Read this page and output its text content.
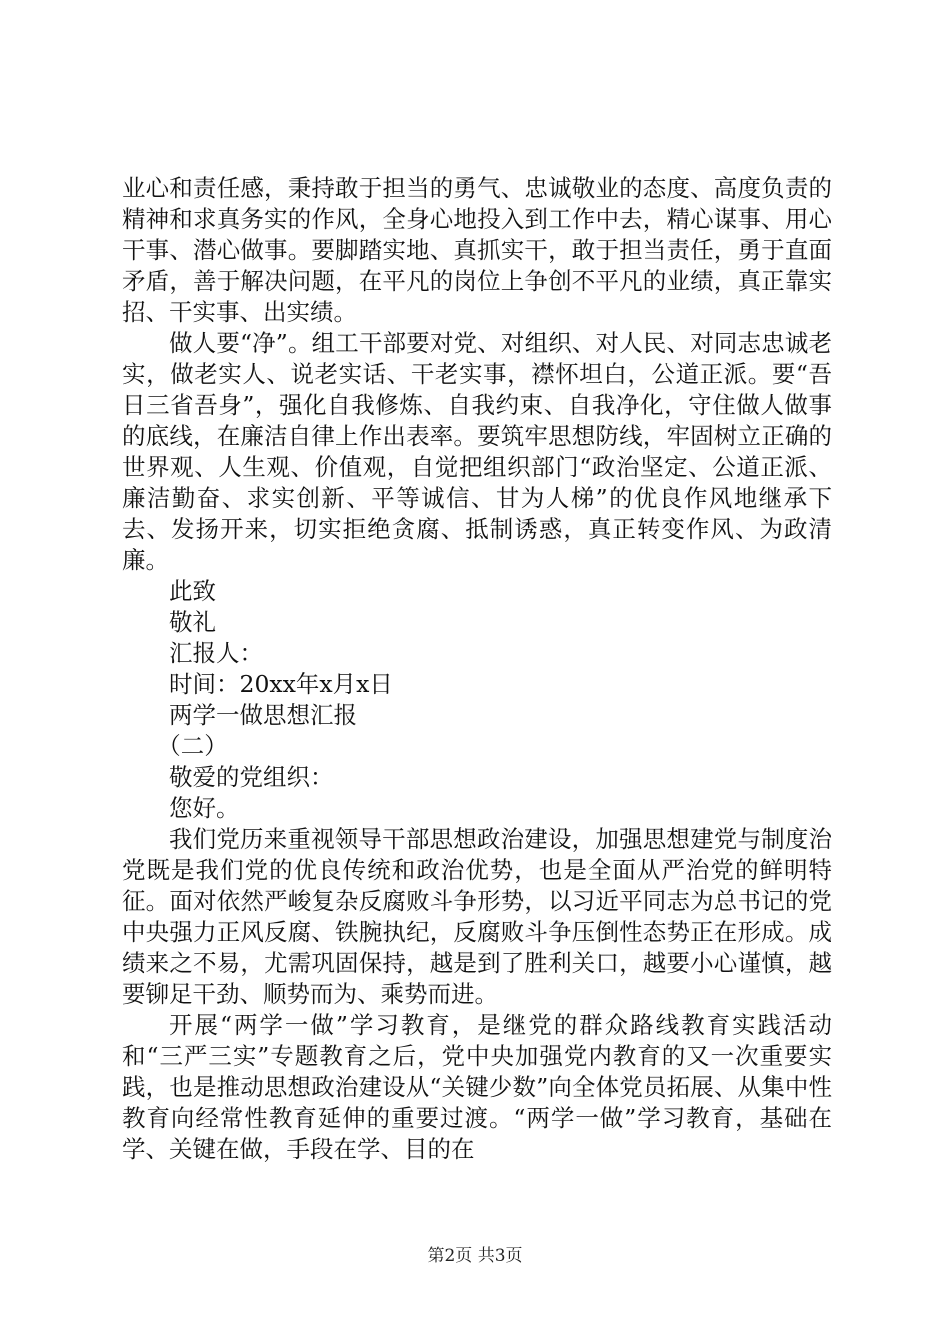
业心和责任感，秉持敢于担当的勇气、忠诚敬业的态度、高度负责的精神和求真务实的作风，全身心地投入到工作中去，精心谋事、用心干事、潜心做事。要脚踏实地、真抓实干，敢于担当责任，勇于直面矛盾，善于解决问题，在平凡的岗位上争创不平凡的业绩，真正靠实招、干实事、出实绩。

做人要“净”。组工干部要对党、对组织、对人民、对同志忠诚老实，做老实人、说老实话、干老实事，襟怀坦白，公道正派。要“吾日三省吾身”，强化自我修炼、自我约束、自我净化，守住做人做事的底线，在廉洁自律上作出表率。要筑牢思想防线，牢固树立正确的世界观、人生观、价值观，自觉把组织部门“政治坚定、公道正派、廉洁勤奋、求实创新、平等诚信、甘为人梯”的优良作风地继承下去、发扬开来，切实拒绝贪腐、抵制诱惑，真正转变作风、为政清廉。

此致

敬礼

汇报人：

时间：20xx年x月x日

两学一做思想汇报

（二）

敬爱的党组织：

您好。

我们党历来重视领导干部思想政治建设，加强思想建党与制度治党既是我们党的优良传统和政治优势，也是全面从严治党的鲜明特征。面对依然严峻复杂反腐败斗争形势，以习近平同志为总书记的党中央强力正风反腐、铁腕执纪，反腐败斗争压倒性态势正在形成。成绩来之不易，尤需巩固保持，越是到了胜利关口，越要小心谨慎，越要铆足干劲、顺势而为、乘势而进。

开展“两学一做”学习教育，是继党的群众路线教育实践活动和“三严三实”专题教育之后，党中央加强党内教育的又一次重要实践，也是推动思想政治建设从“关键少数”向全体党员拓展、从集中性教育向经常性教育延伸的重要过渡。“两学一做”学习教育，基础在学、关键在做，手段在学、目的在

第2页 共3页
